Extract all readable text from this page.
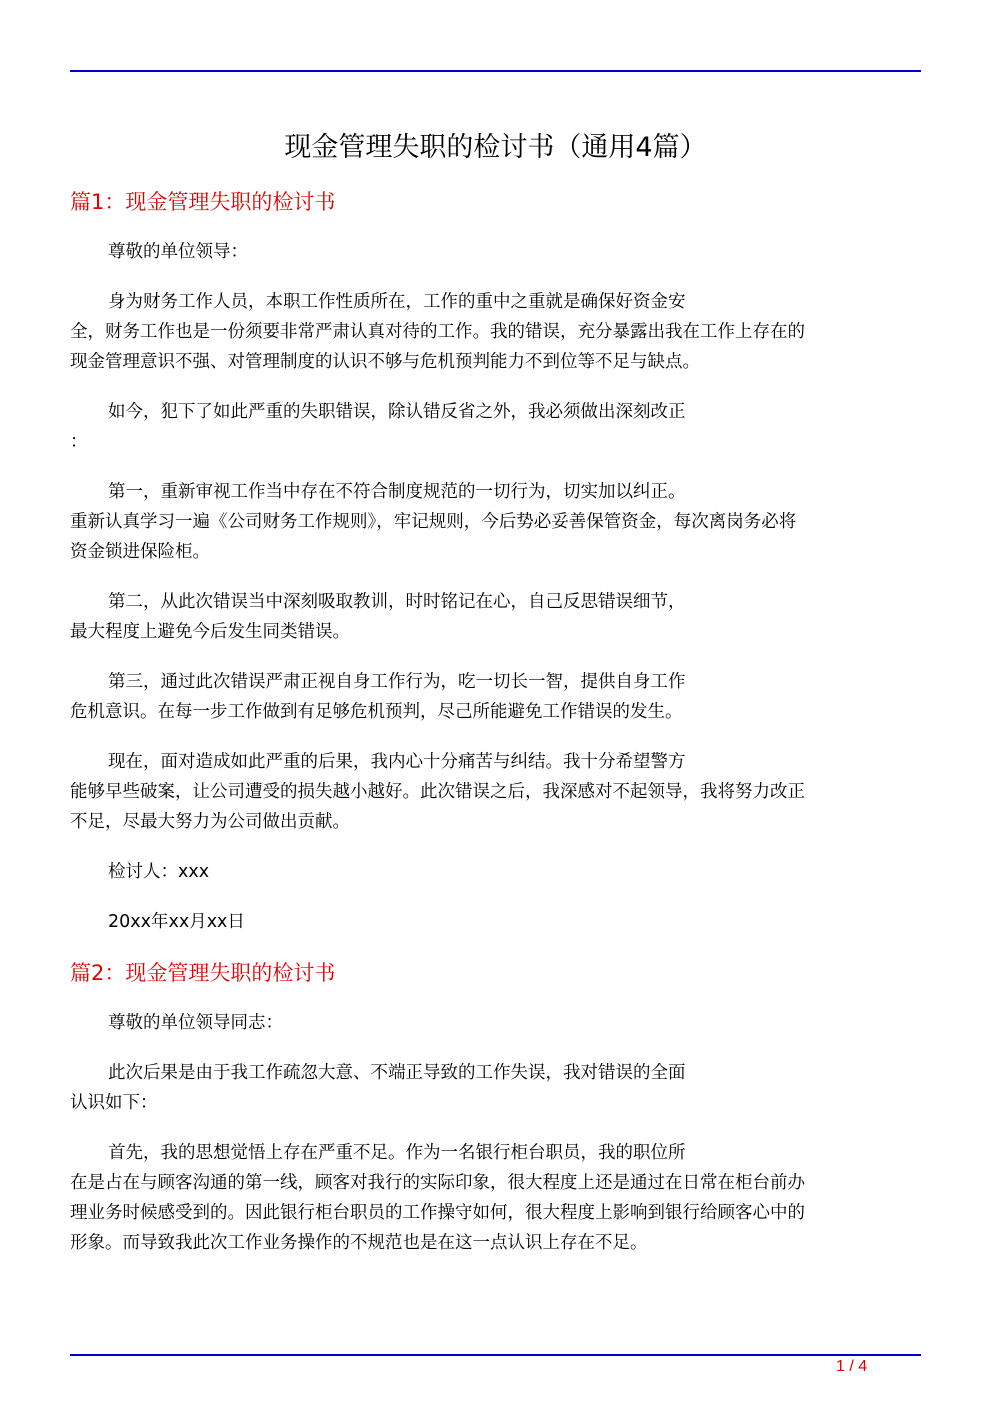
现金管理失职的检讨书（通用4篇）
篇1：现金管理失职的检讨书
尊敬的单位领导：
身为财务工作人员，本职工作性质所在，工作的重中之重就是确保好资金安
全，财务工作也是一份须要非常严肃认真对待的工作。我的错误，充分暴露出我在工作上存在的
现金管理意识不强、对管理制度的认识不够与危机预判能力不到位等不足与缺点。
如今，犯下了如此严重的失职错误，除认错反省之外，我必须做出深刻改正
：
第一，重新审视工作当中存在不符合制度规范的一切行为，切实加以纠正。
重新认真学习一遍《公司财务工作规则》，牢记规则，今后势必妥善保管资金，每次离岗务必将
资金锁进保险柜。
第二，从此次错误当中深刻吸取教训，时时铭记在心，自己反思错误细节，
最大程度上避免今后发生同类错误。
第三，通过此次错误严肃正视自身工作行为，吃一切长一智，提供自身工作
危机意识。在每一步工作做到有足够危机预判，尽己所能避免工作错误的发生。
现在，面对造成如此严重的后果，我内心十分痛苦与纠结。我十分希望警方
能够早些破案，让公司遭受的损失越小越好。此次错误之后，我深感对不起领导，我将努力改正
不足，尽最大努力为公司做出贡献。
检讨人：xxx
20xx年xx月xx日
篇2：现金管理失职的检讨书
尊敬的单位领导同志：
此次后果是由于我工作疏忽大意、不端正导致的工作失误，我对错误的全面
认识如下：
首先，我的思想觉悟上存在严重不足。作为一名银行柜台职员，我的职位所
在是占在与顾客沟通的第一线，顾客对我行的实际印象，很大程度上还是通过在日常在柜台前办
理业务时候感受到的。因此银行柜台职员的工作操守如何，很大程度上影响到银行给顾客心中的
形象。而导致我此次工作业务操作的不规范也是在这一点认识上存在不足。
1 / 4
